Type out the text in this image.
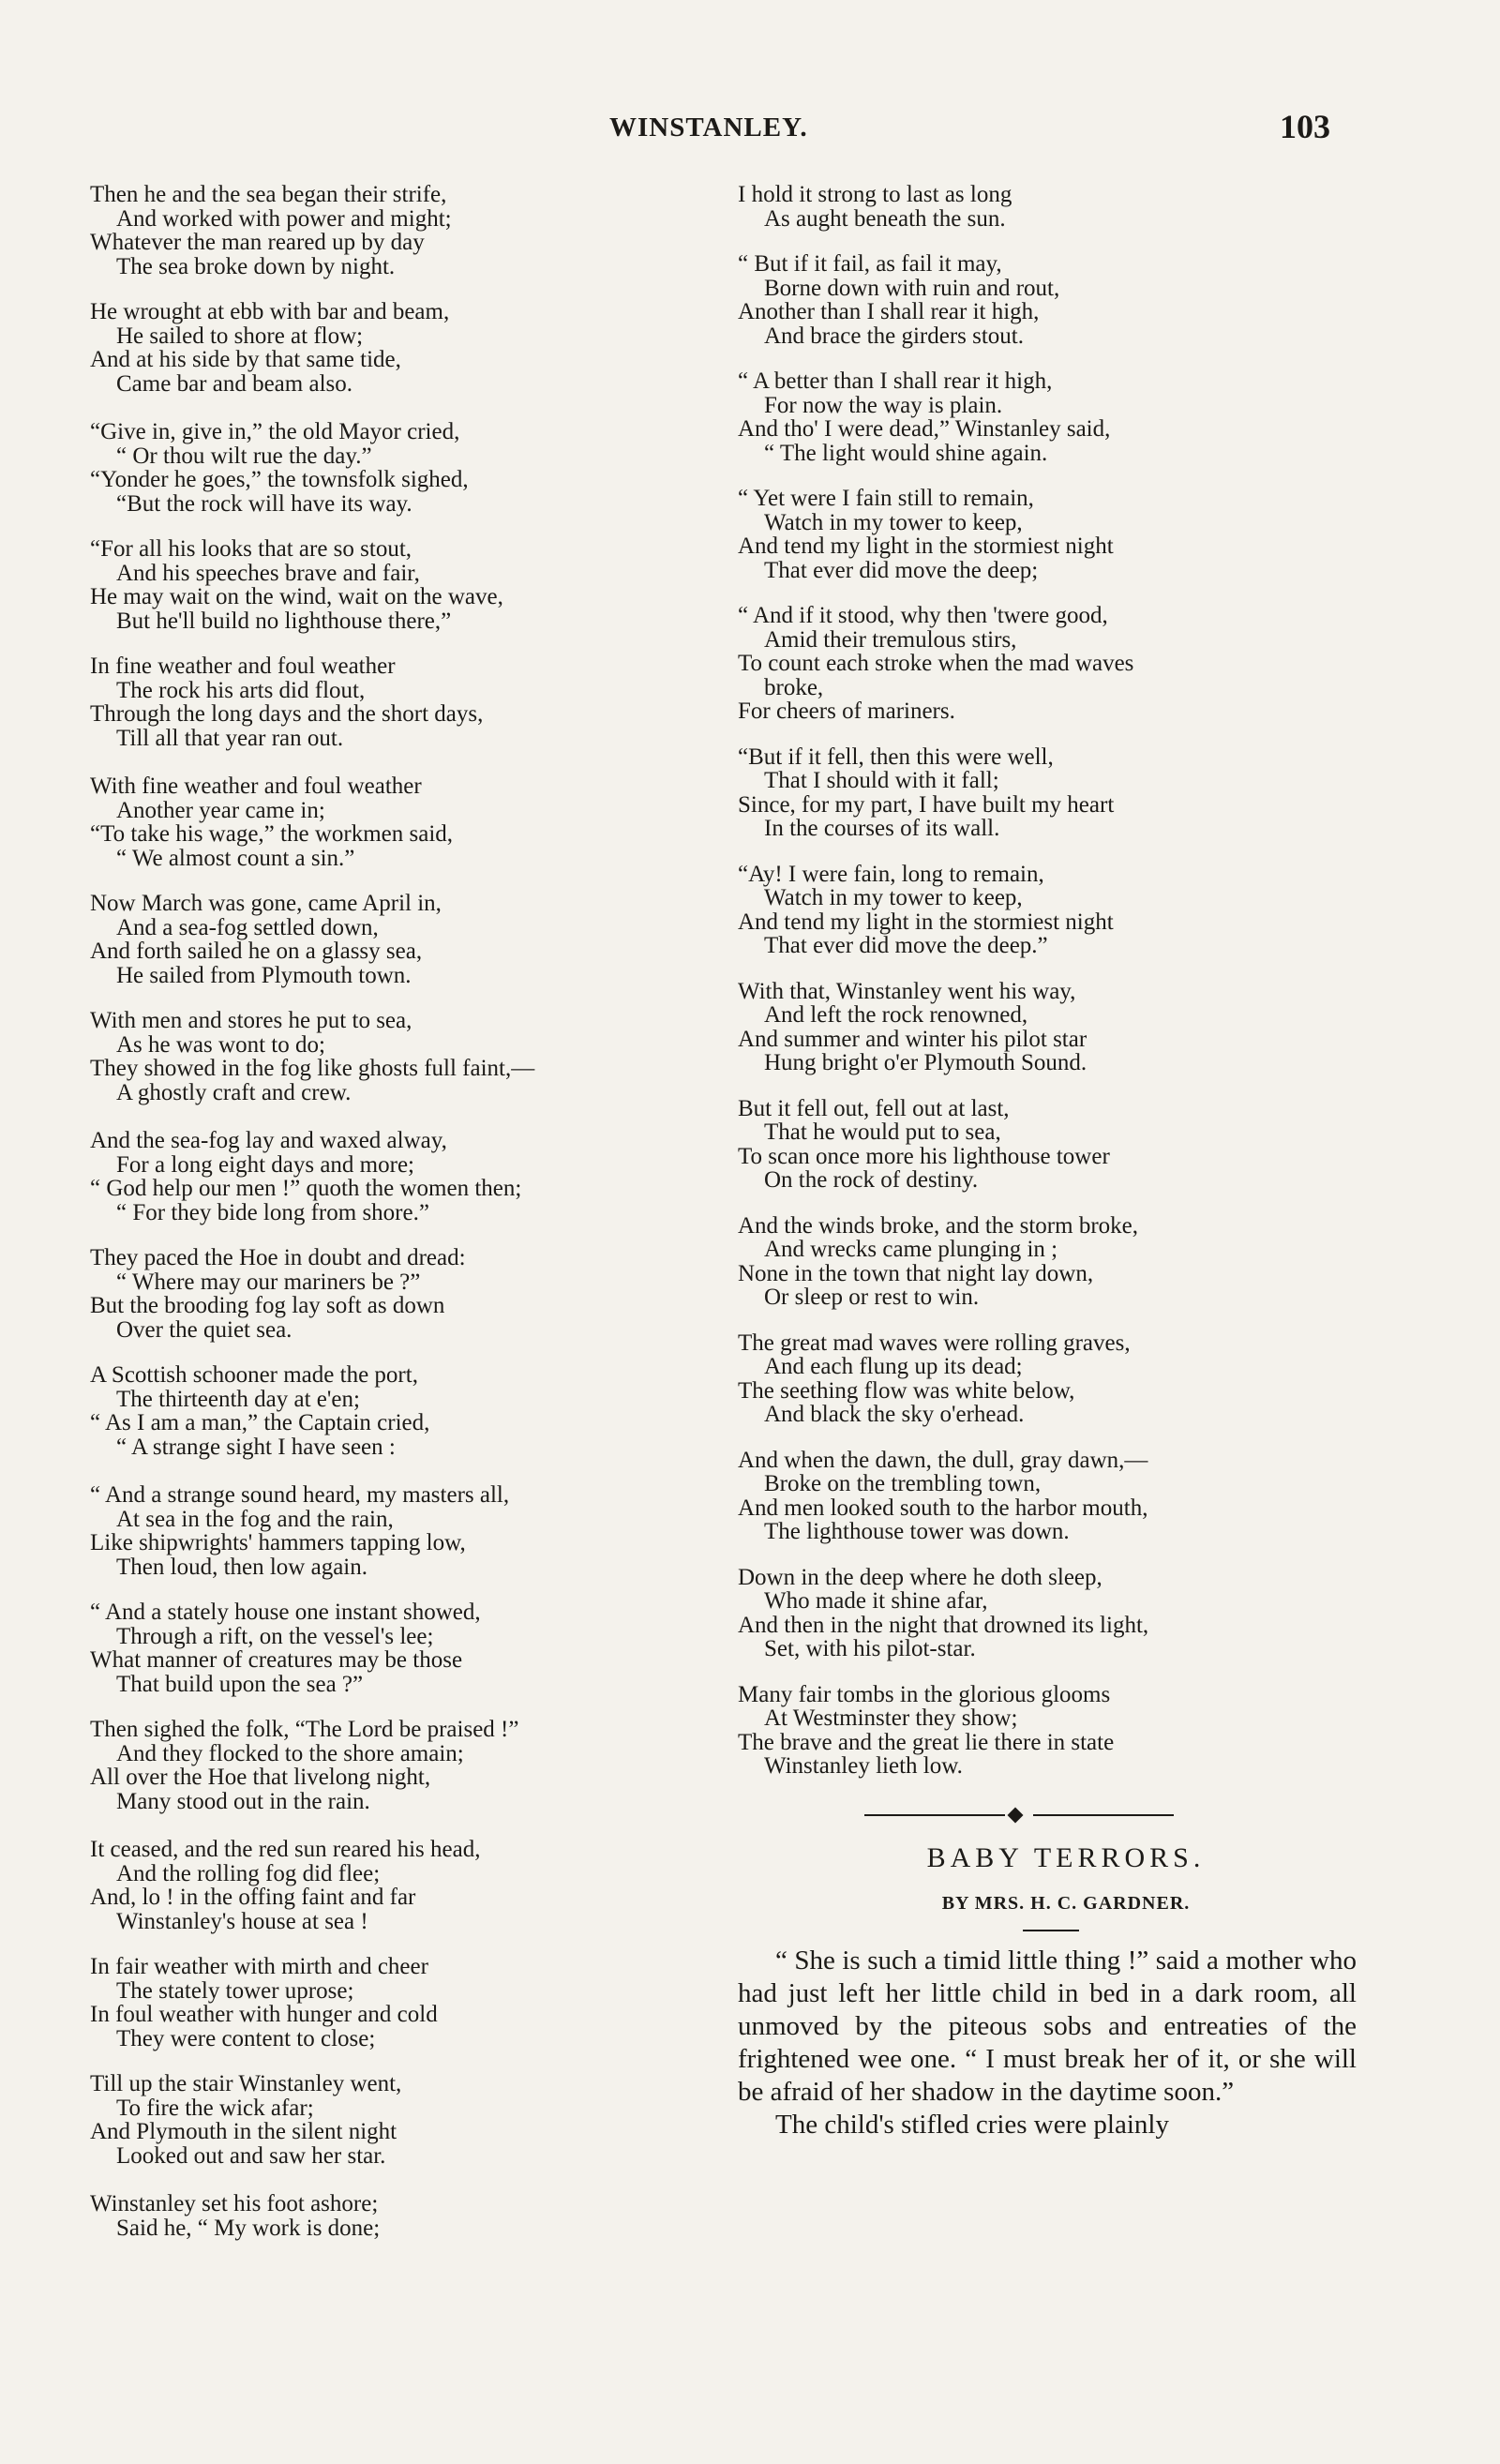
WINSTANLEY.	103
Then he and the sea began their strife,
And worked with power and might;
Whatever the man reared up by day
The sea broke down by night.
He wrought at ebb with bar and beam,
He sailed to shore at flow;
And at his side by that same tide,
Came bar and beam also.
“Give in, give in,” the old Mayor cried,
“ Or thou wilt rue the day.”
“Yonder he goes,” the townsfolk sighed,
“But the rock will have its way.
“For all his looks that are so stout,
And his speeches brave and fair,
He may wait on the wind, wait on the wave,
But he'll build no lighthouse there,”
In fine weather and foul weather
The rock his arts did flout,
Through the long days and the short days,
Till all that year ran out.
With fine weather and foul weather
Another year came in;
“To take his wage,” the workmen said,
“ We almost count a sin.”
Now March was gone, came April in,
And a sea-fog settled down,
And forth sailed he on a glassy sea,
He sailed from Plymouth town.
With men and stores he put to sea,
As he was wont to do;
They showed in the fog like ghosts full faint,—
A ghostly craft and crew.
And the sea-fog lay and waxed alway,
For a long eight days and more;
“ God help our men !” quoth the women then;
“ For they bide long from shore.”
They paced the Hoe in doubt and dread:
“ Where may our mariners be ?”
But the brooding fog lay soft as down
Over the quiet sea.
A Scottish schooner made the port,
The thirteenth day at e'en;
“ As I am a man,” the Captain cried,
“ A strange sight I have seen :
“ And a strange sound heard, my masters all,
At sea in the fog and the rain,
Like shipwrights' hammers tapping low,
Then loud, then low again.
“ And a stately house one instant showed,
Through a rift, on the vessel's lee;
What manner of creatures may be those
That build upon the sea ?”
Then sighed the folk, “The Lord be praised !”
And they flocked to the shore amain;
All over the Hoe that livelong night,
Many stood out in the rain.
It ceased, and the red sun reared his head,
And the rolling fog did flee;
And, lo ! in the offing faint and far
Winstanley's house at sea !
In fair weather with mirth and cheer
The stately tower uprose;
In foul weather with hunger and cold
They were content to close;
Till up the stair Winstanley went,
To fire the wick afar;
And Plymouth in the silent night
Looked out and saw her star.
Winstanley set his foot ashore;
Said he, “ My work is done;
I hold it strong to last as long
As aught beneath the sun.
“ But if it fail, as fail it may,
Borne down with ruin and rout,
Another than I shall rear it high,
And brace the girders stout.
“ A better than I shall rear it high,
For now the way is plain.
And tho' I were dead,” Winstanley said,
“ The light would shine again.
“ Yet were I fain still to remain,
Watch in my tower to keep,
And tend my light in the stormiest night
That ever did move the deep;
“ And if it stood, why then 'twere good,
Amid their tremulous stirs,
To count each stroke when the mad waves
broke,
For cheers of mariners.
“But if it fell, then this were well,
That I should with it fall;
Since, for my part, I have built my heart
In the courses of its wall.
“Ay! I were fain, long to remain,
Watch in my tower to keep,
And tend my light in the stormiest night
That ever did move the deep.”
With that, Winstanley went his way,
And left the rock renowned,
And summer and winter his pilot star
Hung bright o'er Plymouth Sound.
But it fell out, fell out at last,
That he would put to sea,
To scan once more his lighthouse tower
On the rock of destiny.
And the winds broke, and the storm broke,
And wrecks came plunging in ;
None in the town that night lay down,
Or sleep or rest to win.
The great mad waves were rolling graves,
And each flung up its dead;
The seething flow was white below,
And black the sky o'erhead.
And when the dawn, the dull, gray dawn,—
Broke on the trembling town,
And men looked south to the harbor mouth,
The lighthouse tower was down.
Down in the deep where he doth sleep,
Who made it shine afar,
And then in the night that drowned its light,
Set, with his pilot-star.
Many fair tombs in the glorious glooms
At Westminster they show;
The brave and the great lie there in state
Winstanley lieth low.
BABY TERRORS.
BY MRS. H. C. GARDNER.

“ She is such a timid little thing !” said a mother who had just left her little child in bed in a dark room, all unmoved by the piteous sobs and entreaties of the frightened wee one. “ I must break her of it, or she will be afraid of her shadow in the daytime soon.”

The child's stifled cries were plainly
